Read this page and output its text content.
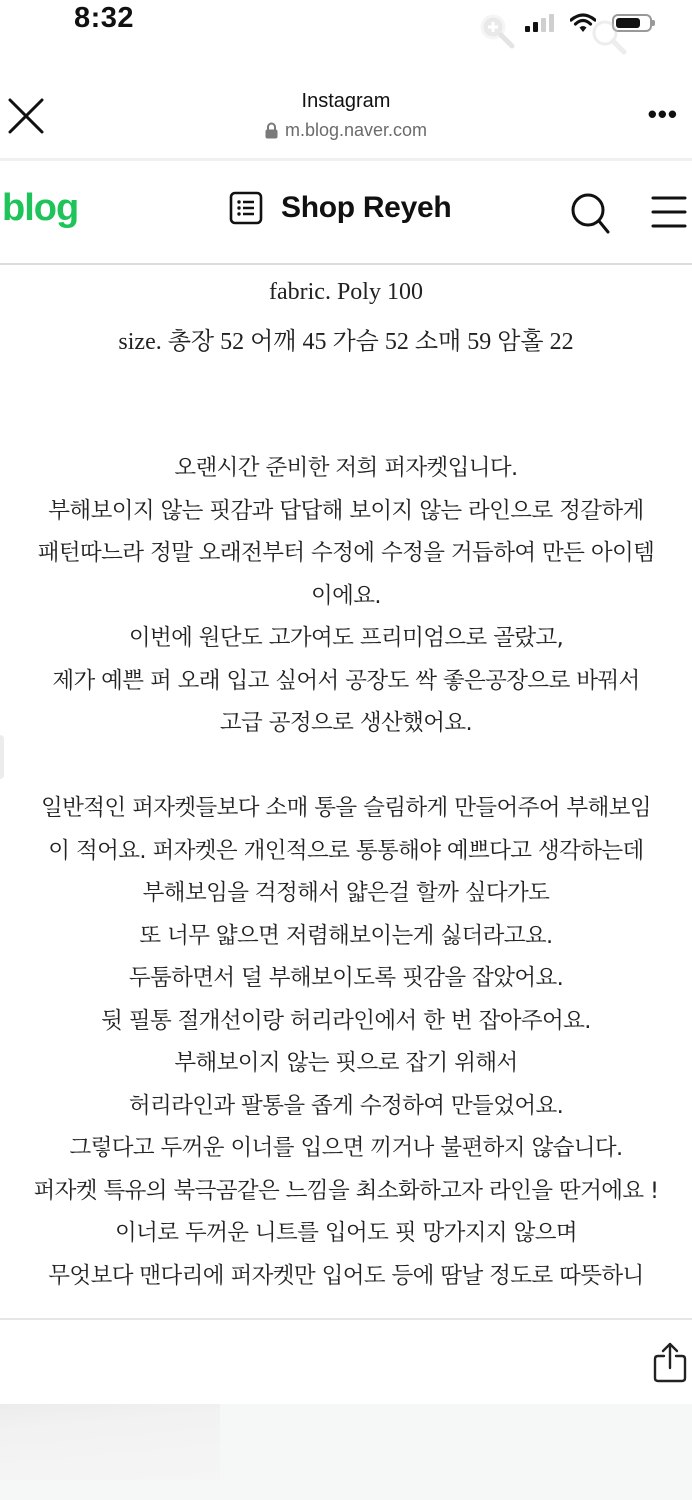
8:32
Instagram
m.blog.naver.com
•••
blog	Shop Reyeh
fabric. Poly 100
size. 총장 52 어깨 45 가슴 52 소매 59 암홀 22
오랜시간 준비한 저희 퍼자켓입니다.
부해보이지 않는 핏감과 답답해 보이지 않는 라인으로 정갈하게
패턴따느라 정말 오래전부터 수정에 수정을 거듭하여 만든 아이템
이에요.
이번에 원단도 고가여도 프리미엄으로 골랐고,
제가 예쁜 퍼 오래 입고 싶어서 공장도 싹 좋은공장으로 바꿔서
고급 공정으로 생산했어요.
일반적인 퍼자켓들보다 소매 통을 슬림하게 만들어주어 부해보임
이 적어요. 퍼자켓은 개인적으로 통통해야 예쁘다고 생각하는데
부해보임을 걱정해서 얇은걸 할까 싶다가도
또 너무 얇으면 저렴해보이는게 싫더라고요.
두툼하면서 덜 부해보이도록 핏감을 잡았어요.
뒷 필통 절개선이랑 허리라인에서 한 번 잡아주어요.
부해보이지 않는 핏으로 잡기 위해서
허리라인과 팔통을 좁게 수정하여 만들었어요.
그렇다고 두꺼운 이너를 입으면 끼거나 불편하지 않습니다.
퍼자켓 특유의 북극곰같은 느낌을 최소화하고자 라인을 딴거에요 !
이너로 두꺼운 니트를 입어도 핏 망가지지 않으며
무엇보다 맨다리에 퍼자켓만 입어도 등에 땀날 정도로 따뜻하니
